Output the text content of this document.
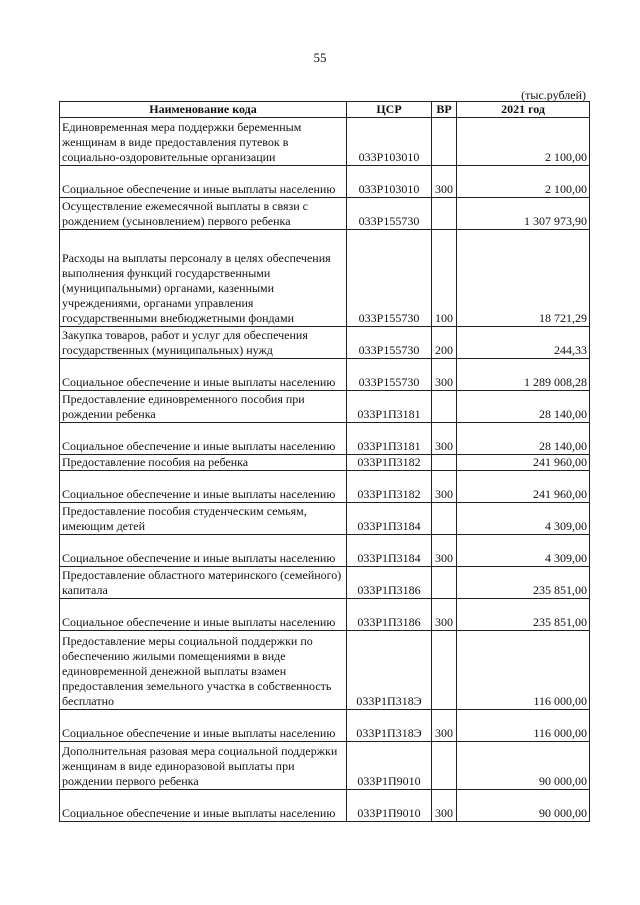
55
(тыс.рублей)
Наименование кода	ЦСР	ВР	2021 год
Единовременная мера поддержки беременным женщинам в виде предоставления путевок в социально-оздоровительные организации	033Р103010		2 100,00
Социальное обеспечение и иные выплаты населению	033Р103010	300	2 100,00
Осуществление ежемесячной выплаты в связи с рождением (усыновлением) первого ребенка	033Р155730		1 307 973,90
Расходы на выплаты персоналу в целях обеспечения выполнения функций государственными (муниципальными) органами, казенными учреждениями, органами управления государственными внебюджетными фондами	033Р155730	100	18 721,29
Закупка товаров, работ и услуг для обеспечения государственных (муниципальных) нужд	033Р155730	200	244,33
Социальное обеспечение и иные выплаты населению	033Р155730	300	1 289 008,28
Предоставление единовременного пособия при рождении ребенка	033Р1П3181		28 140,00
Социальное обеспечение и иные выплаты населению	033Р1П3181	300	28 140,00
Предоставление пособия на ребенка	033Р1П3182		241 960,00
Социальное обеспечение и иные выплаты населению	033Р1П3182	300	241 960,00
Предоставление пособия студенческим семьям, имеющим детей	033Р1П3184		4 309,00
Социальное обеспечение и иные выплаты населению	033Р1П3184	300	4 309,00
Предоставление областного материнского (семейного) капитала	033Р1П3186		235 851,00
Социальное обеспечение и иные выплаты населению	033Р1П3186	300	235 851,00
Предоставление меры социальной поддержки по обеспечению жилыми помещениями в виде единовременной денежной выплаты взамен предоставления земельного участка в собственность бесплатно	033Р1П318Э		116 000,00
Социальное обеспечение и иные выплаты населению	033Р1П318Э	300	116 000,00
Дополнительная разовая мера социальной поддержки женщинам в виде единоразовой выплаты при рождении первого ребенка	033Р1П9010		90 000,00
Социальное обеспечение и иные выплаты населению	033Р1П9010	300	90 000,00
